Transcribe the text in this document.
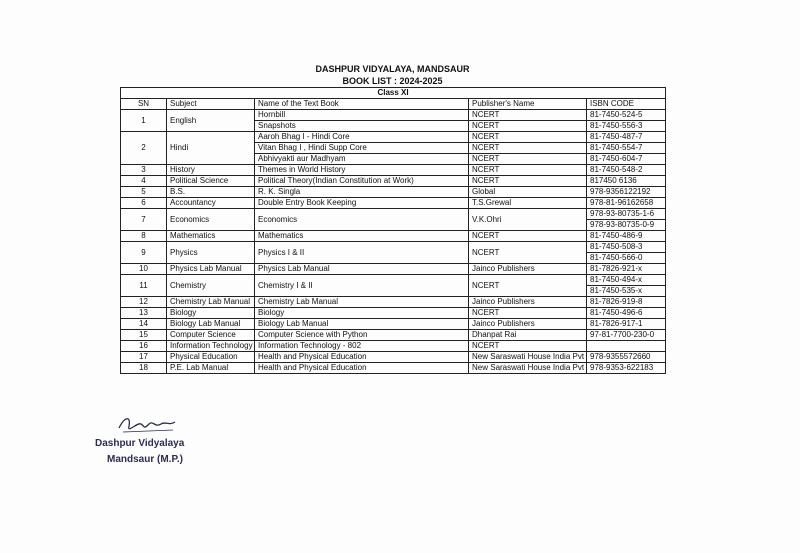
DASHPUR VIDYALAYA, MANDSAUR
BOOK LIST : 2024-2025
Class XI				
SN	Subject	Name of the Text Book	Publisher's Name	ISBN CODE
1	English	Hornbill	NCERT	81-7450-524-5
		Snapshots	NCERT	81-7450-556-3
2	Hindi	Aaroh Bhag I - Hindi Core	NCERT	81-7450-487-7
		Vitan Bhag I , Hindi Supp Core	NCERT	81-7450-554-7
		Abhivyakti aur Madhyam	NCERT	81-7450-604-7
3	History	Themes in World History	NCERT	81-7450-548-2
4	Political Science	Political Theory(Indian Constitution at Work)	NCERT	817450 6136
5	B.S.	R. K. Singla	Global	978-9356122192
6	Accountancy	Double Entry Book Keeping	T.S.Grewal	978-81-96162658
7	Economics	Economics	V.K.Ohri	978-93-80735-1-6
				978-93-80735-0-9
8	Mathematics	Mathematics	NCERT	81-7450-486-9
9	Physics	Physics I & II	NCERT	81-7450-508-3
				81-7450-566-0
10	Physics Lab Manual	Physics Lab Manual	Jainco Publishers	81-7826-921-x
11	Chemistry	Chemistry I & II	NCERT	81-7450-494-x
				81-7450-535-x
12	Chemistry Lab Manual	Chemistry Lab Manual	Jainco Publishers	81-7826-919-8
13	Biology	Biology	NCERT	81-7450-496-6
14	Biology Lab Manual	Biology Lab Manual	Jainco Publishers	81-7826-917-1
15	Computer Science	Computer Science with Python	Dhanpat Rai	97-81-7700-230-0
16	Information Technology	Information Technology - 802	NCERT	
17	Physical Education	Health and Physical Education	New Saraswati House India Pvt	978-9355572660
18	P.E. Lab Manual	Health and Physical Education	New Saraswati House India Pvt	978-9353-622183
Dashpur Vidyalaya
Mandsaur (M.P.)
